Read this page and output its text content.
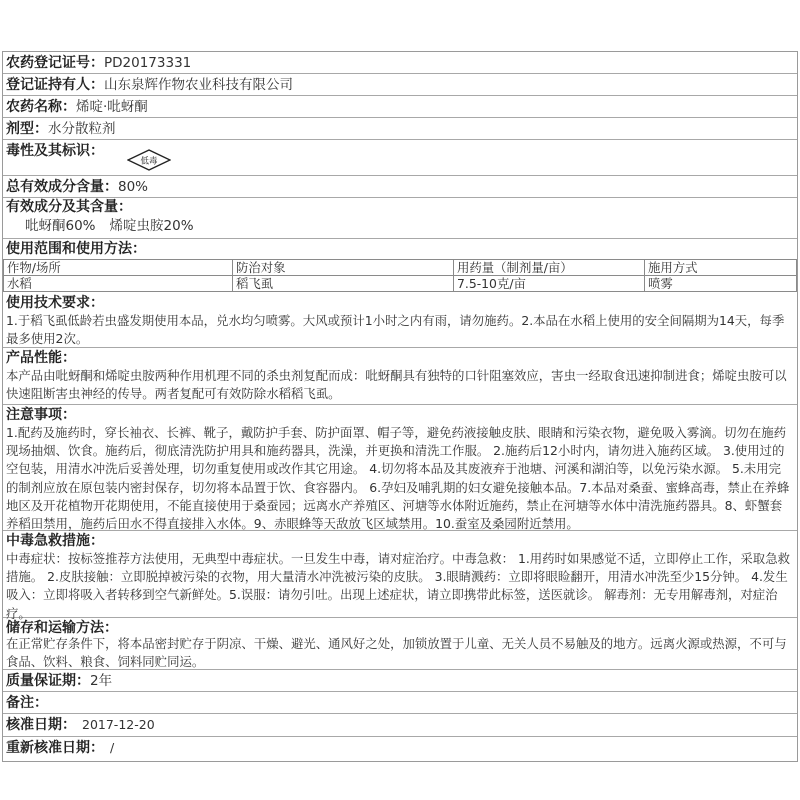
农药登记证号：PD20173331
登记证持有人：山东泉辉作物农业科技有限公司
农药名称：烯啶·吡蚜酮
剂型：水分散粒剂
毒性及其标识：
低毒
总有效成分含量：80%
有效成分及其含量：
吡蚜酮60% 烯啶虫胺20%
使用范围和使用方法：
作物/场所	防治对象	用药量（制剂量/亩）	施用方式
水稻	稻飞虱	7.5-10克/亩	喷雾
使用技术要求：
1.于稻飞虱低龄若虫盛发期使用本品，兑水均匀喷雾。大风或预计1小时之内有雨，请勿施药。2.本品在水稻上使用的安全间隔期为14天，每季最多使用2次。
产品性能：
本产品由吡蚜酮和烯啶虫胺两种作用机理不同的杀虫剂复配而成：吡蚜酮具有独特的口针阻塞效应，害虫一经取食迅速抑制进食；烯啶虫胺可以快速阻断害虫神经的传导。两者复配可有效防除水稻稻飞虱。
注意事项：
1.配药及施药时，穿长袖衣、长裤、靴子，戴防护手套、防护面罩、帽子等，避免药液接触皮肤、眼睛和污染衣物，避免吸入雾滴。切勿在施药现场抽烟、饮食。施药后，彻底清洗防护用具和施药器具，洗澡，并更换和清洗工作服。 2.施药后12小时内，请勿进入施药区域。 3.使用过的空包装，用清水冲洗后妥善处理，切勿重复使用或改作其它用途。 4.切勿将本品及其废液弃于池塘、河溪和湖泊等，以免污染水源。 5.未用完的制剂应放在原包装内密封保存，切勿将本品置于饮、食容器内。 6.孕妇及哺乳期的妇女避免接触本品。7.本品对桑蚕、蜜蜂高毒，禁止在养蜂地区及开花植物开花期使用，不能直接使用于桑蚕园；远离水产养殖区、河塘等水体附近施药，禁止在河塘等水体中清洗施药器具。8、虾蟹套养稻田禁用，施药后田水不得直接排入水体。9、赤眼蜂等天敌放飞区域禁用。10.蚕室及桑园附近禁用。
中毒急救措施：
中毒症状：按标签推荐方法使用，无典型中毒症状。一旦发生中毒，请对症治疗。中毒急救： 1.用药时如果感觉不适，立即停止工作，采取急救措施。 2.皮肤接触：立即脱掉被污染的衣物，用大量清水冲洗被污染的皮肤。 3.眼睛溅药：立即将眼睑翻开，用清水冲洗至少15分钟。 4.发生吸入：立即将吸入者转移到空气新鲜处。5.误服：请勿引吐。出现上述症状，请立即携带此标签，送医就诊。 解毒剂：无专用解毒剂，对症治疗。
储存和运输方法：
在正常贮存条件下，将本品密封贮存于阴凉、干燥、避光、通风好之处，加锁放置于儿童、无关人员不易触及的地方。远离火源或热源，不可与食品、饮料、粮食、饲料同贮同运。
质量保证期：2年
备注：
核准日期： 2017-12-20
重新核准日期： /
